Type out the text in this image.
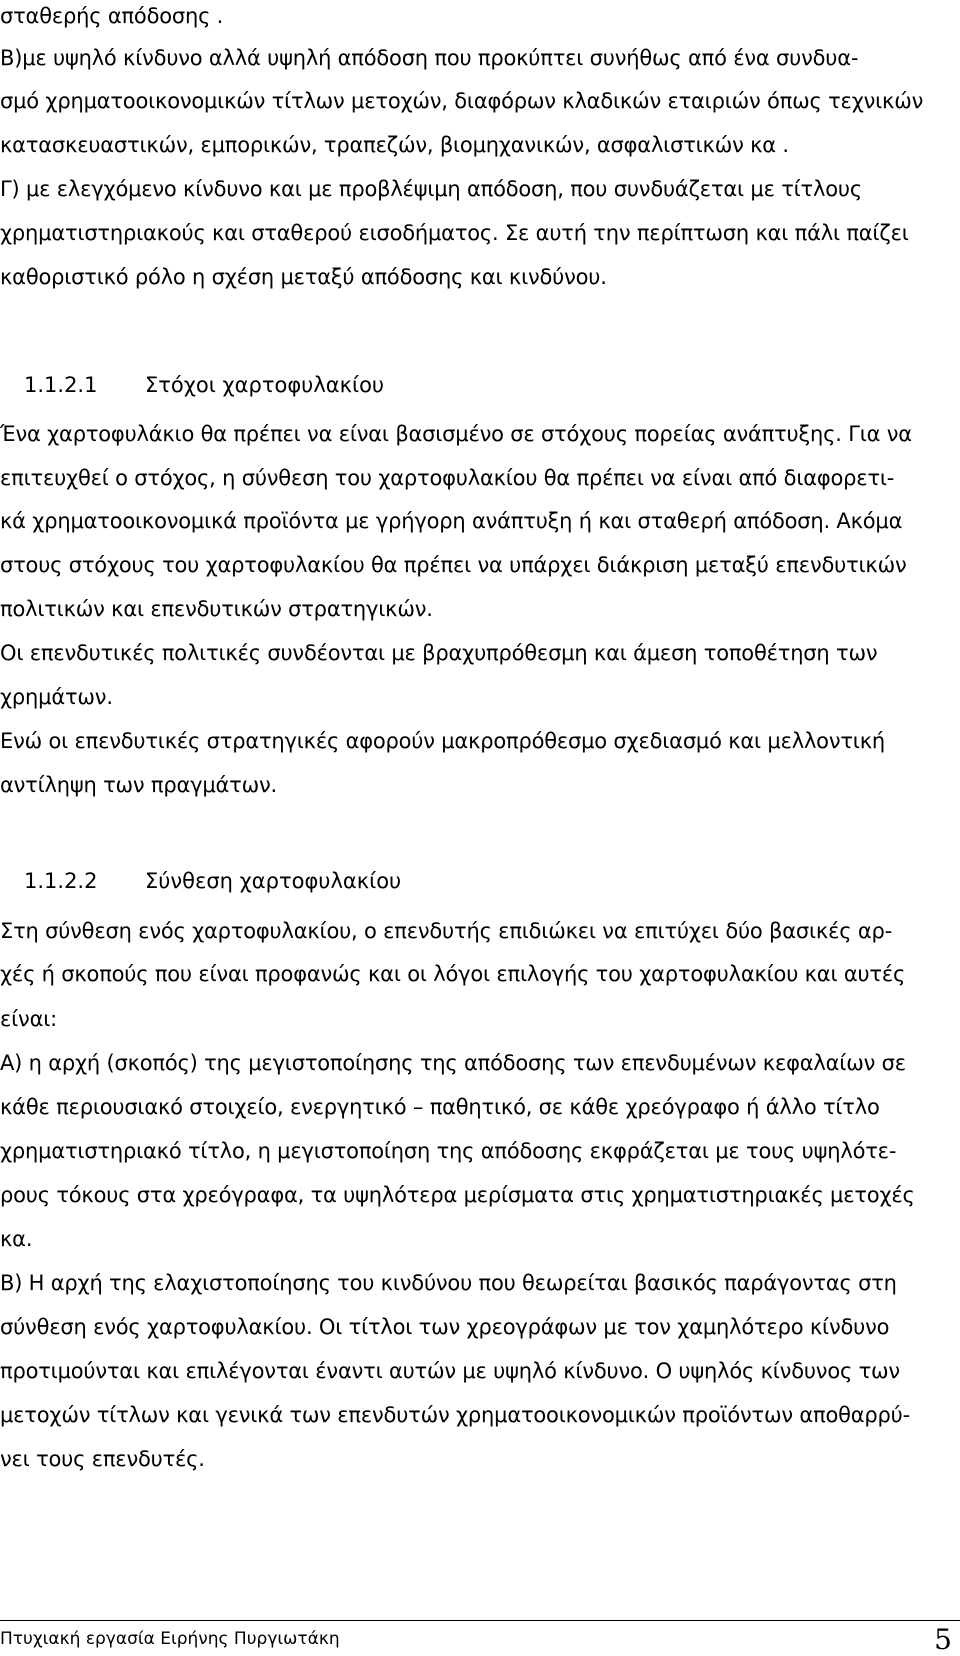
σταθερής απόδοσης .
Β)με υψηλό κίνδυνο αλλά υψηλή απόδοση που προκύπτει συνήθως από ένα συνδυα-
σμό χρηματοοικονομικών τίτλων μετοχών, διαφόρων κλαδικών εταιριών όπως τεχνικών
κατασκευαστικών, εμπορικών, τραπεζών, βιομηχανικών, ασφαλιστικών κα .
Γ) με ελεγχόμενο κίνδυνο και με προβλέψιμη απόδοση, που συνδυάζεται με τίτλους
χρηματιστηριακούς και σταθερού εισοδήματος. Σε αυτή την περίπτωση και πάλι παίζει
καθοριστικό ρόλο η σχέση μεταξύ απόδοσης και κινδύνου.
1.1.2.1 Στόχοι χαρτοφυλακίου
Ένα χαρτοφυλάκιο θα πρέπει να είναι βασισμένο σε στόχους πορείας ανάπτυξης. Για να
επιτευχθεί ο στόχος, η σύνθεση του χαρτοφυλακίου θα πρέπει να είναι από διαφορετι-
κά χρηματοοικονομικά προϊόντα με γρήγορη ανάπτυξη ή και σταθερή απόδοση. Ακόμα
στους στόχους του χαρτοφυλακίου θα πρέπει να υπάρχει διάκριση μεταξύ επενδυτικών
πολιτικών και επενδυτικών στρατηγικών.
Οι επενδυτικές πολιτικές συνδέονται με βραχυπρόθεσμη και άμεση τοποθέτηση των
χρημάτων.
Ενώ οι επενδυτικές στρατηγικές αφορούν μακροπρόθεσμο σχεδιασμό και μελλοντική
αντίληψη των πραγμάτων.
1.1.2.2 Σύνθεση χαρτοφυλακίου
Στη σύνθεση ενός χαρτοφυλακίου, ο επενδυτής επιδιώκει να επιτύχει δύο βασικές αρ-
χές ή σκοπούς που είναι προφανώς και οι λόγοι επιλογής του χαρτοφυλακίου και αυτές
είναι:
Α) η αρχή (σκοπός) της μεγιστοποίησης της απόδοσης των επενδυμένων κεφαλαίων σε
κάθε περιουσιακό στοιχείο, ενεργητικό – παθητικό, σε κάθε χρεόγραφο ή άλλο τίτλο
χρηματιστηριακό τίτλο, η μεγιστοποίηση της απόδοσης εκφράζεται με τους υψηλότε-
ρους τόκους στα χρεόγραφα, τα υψηλότερα μερίσματα στις χρηματιστηριακές μετοχές
κα.
Β) Η αρχή της ελαχιστοποίησης του κινδύνου που θεωρείται βασικός παράγοντας στη
σύνθεση ενός χαρτοφυλακίου. Οι τίτλοι των χρεογράφων με τον χαμηλότερο κίνδυνο
προτιμούνται και επιλέγονται έναντι αυτών με υψηλό κίνδυνο. Ο υψηλός κίνδυνος των
μετοχών τίτλων και γενικά των επενδυτών χρηματοοικονομικών προϊόντων αποθαρρύ-
νει τους επενδυτές.
Πτυχιακή εργασία Ειρήνης Πυργιωτάκη	5
